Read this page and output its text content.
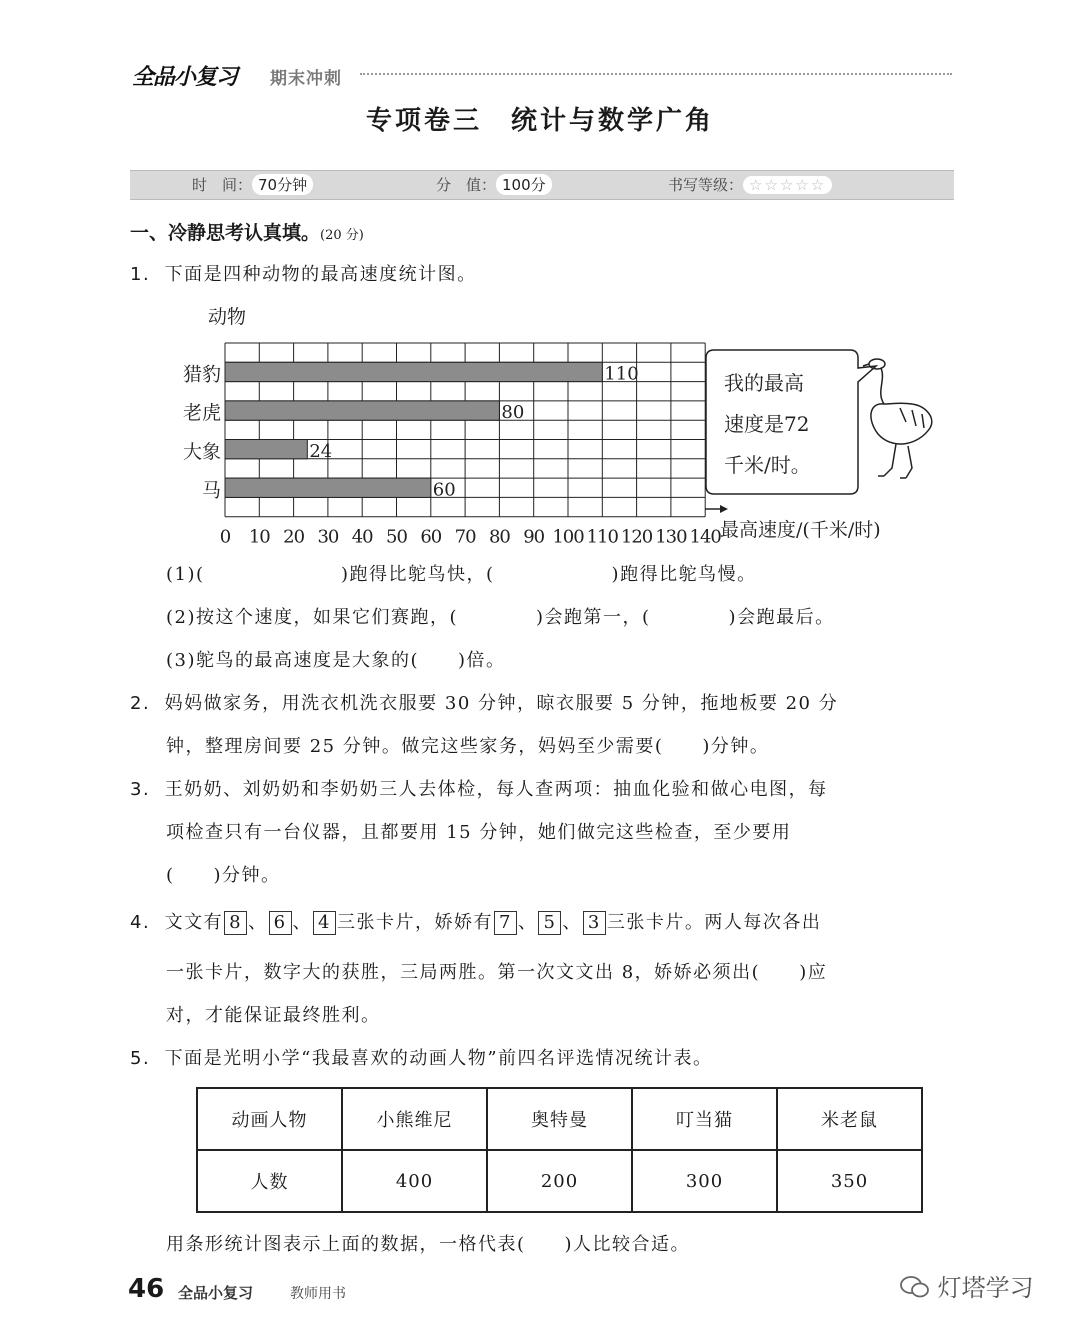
全品小复习 期末冲刺
专项卷三　统计与数学广角
时　间： 70分钟	分　值： 100分	书写等级： ☆☆☆☆☆
一、冷静思考认真填。(20 分)
1. 下面是四种动物的最高速度统计图。
动物
110
80
24
60
猎豹
老虎
大象
马
0 10 20 30 40 50 60 70 80 90 100 110 120 130 140 最高速度/(千米/时)
我的最高
速度是72
千米/时。
(1)(　　　　　　　)跑得比鸵鸟快，(　　　　　　)跑得比鸵鸟慢。
(2)按这个速度，如果它们赛跑，(　　　　)会跑第一，(　　　　)会跑最后。
(3)鸵鸟的最高速度是大象的(　　)倍。
2. 妈妈做家务，用洗衣机洗衣服要 30 分钟，晾衣服要 5 分钟，拖地板要 20 分
钟，整理房间要 25 分钟。做完这些家务，妈妈至少需要(　　)分钟。
3. 王奶奶、刘奶奶和李奶奶三人去体检，每人查两项：抽血化验和做心电图，每
项检查只有一台仪器，且都要用 15 分钟，她们做完这些检查，至少要用
(　　)分钟。
4. 文文有 8 、 6 、 4 三张卡片，娇娇有 7 、 5 、 3 三张卡片。两人每次各出
一张卡片，数字大的获胜，三局两胜。第一次文文出 8，娇娇必须出(　　)应
对，才能保证最终胜利。
5. 下面是光明小学“我最喜欢的动画人物”前四名评选情况统计表。
动画人物	小熊维尼	奥特曼	叮当猫	米老鼠
人数	400	200	300	350
用条形统计图表示上面的数据，一格代表(　　)人比较合适。
46 全品小复习	教师用书	灯塔学习
